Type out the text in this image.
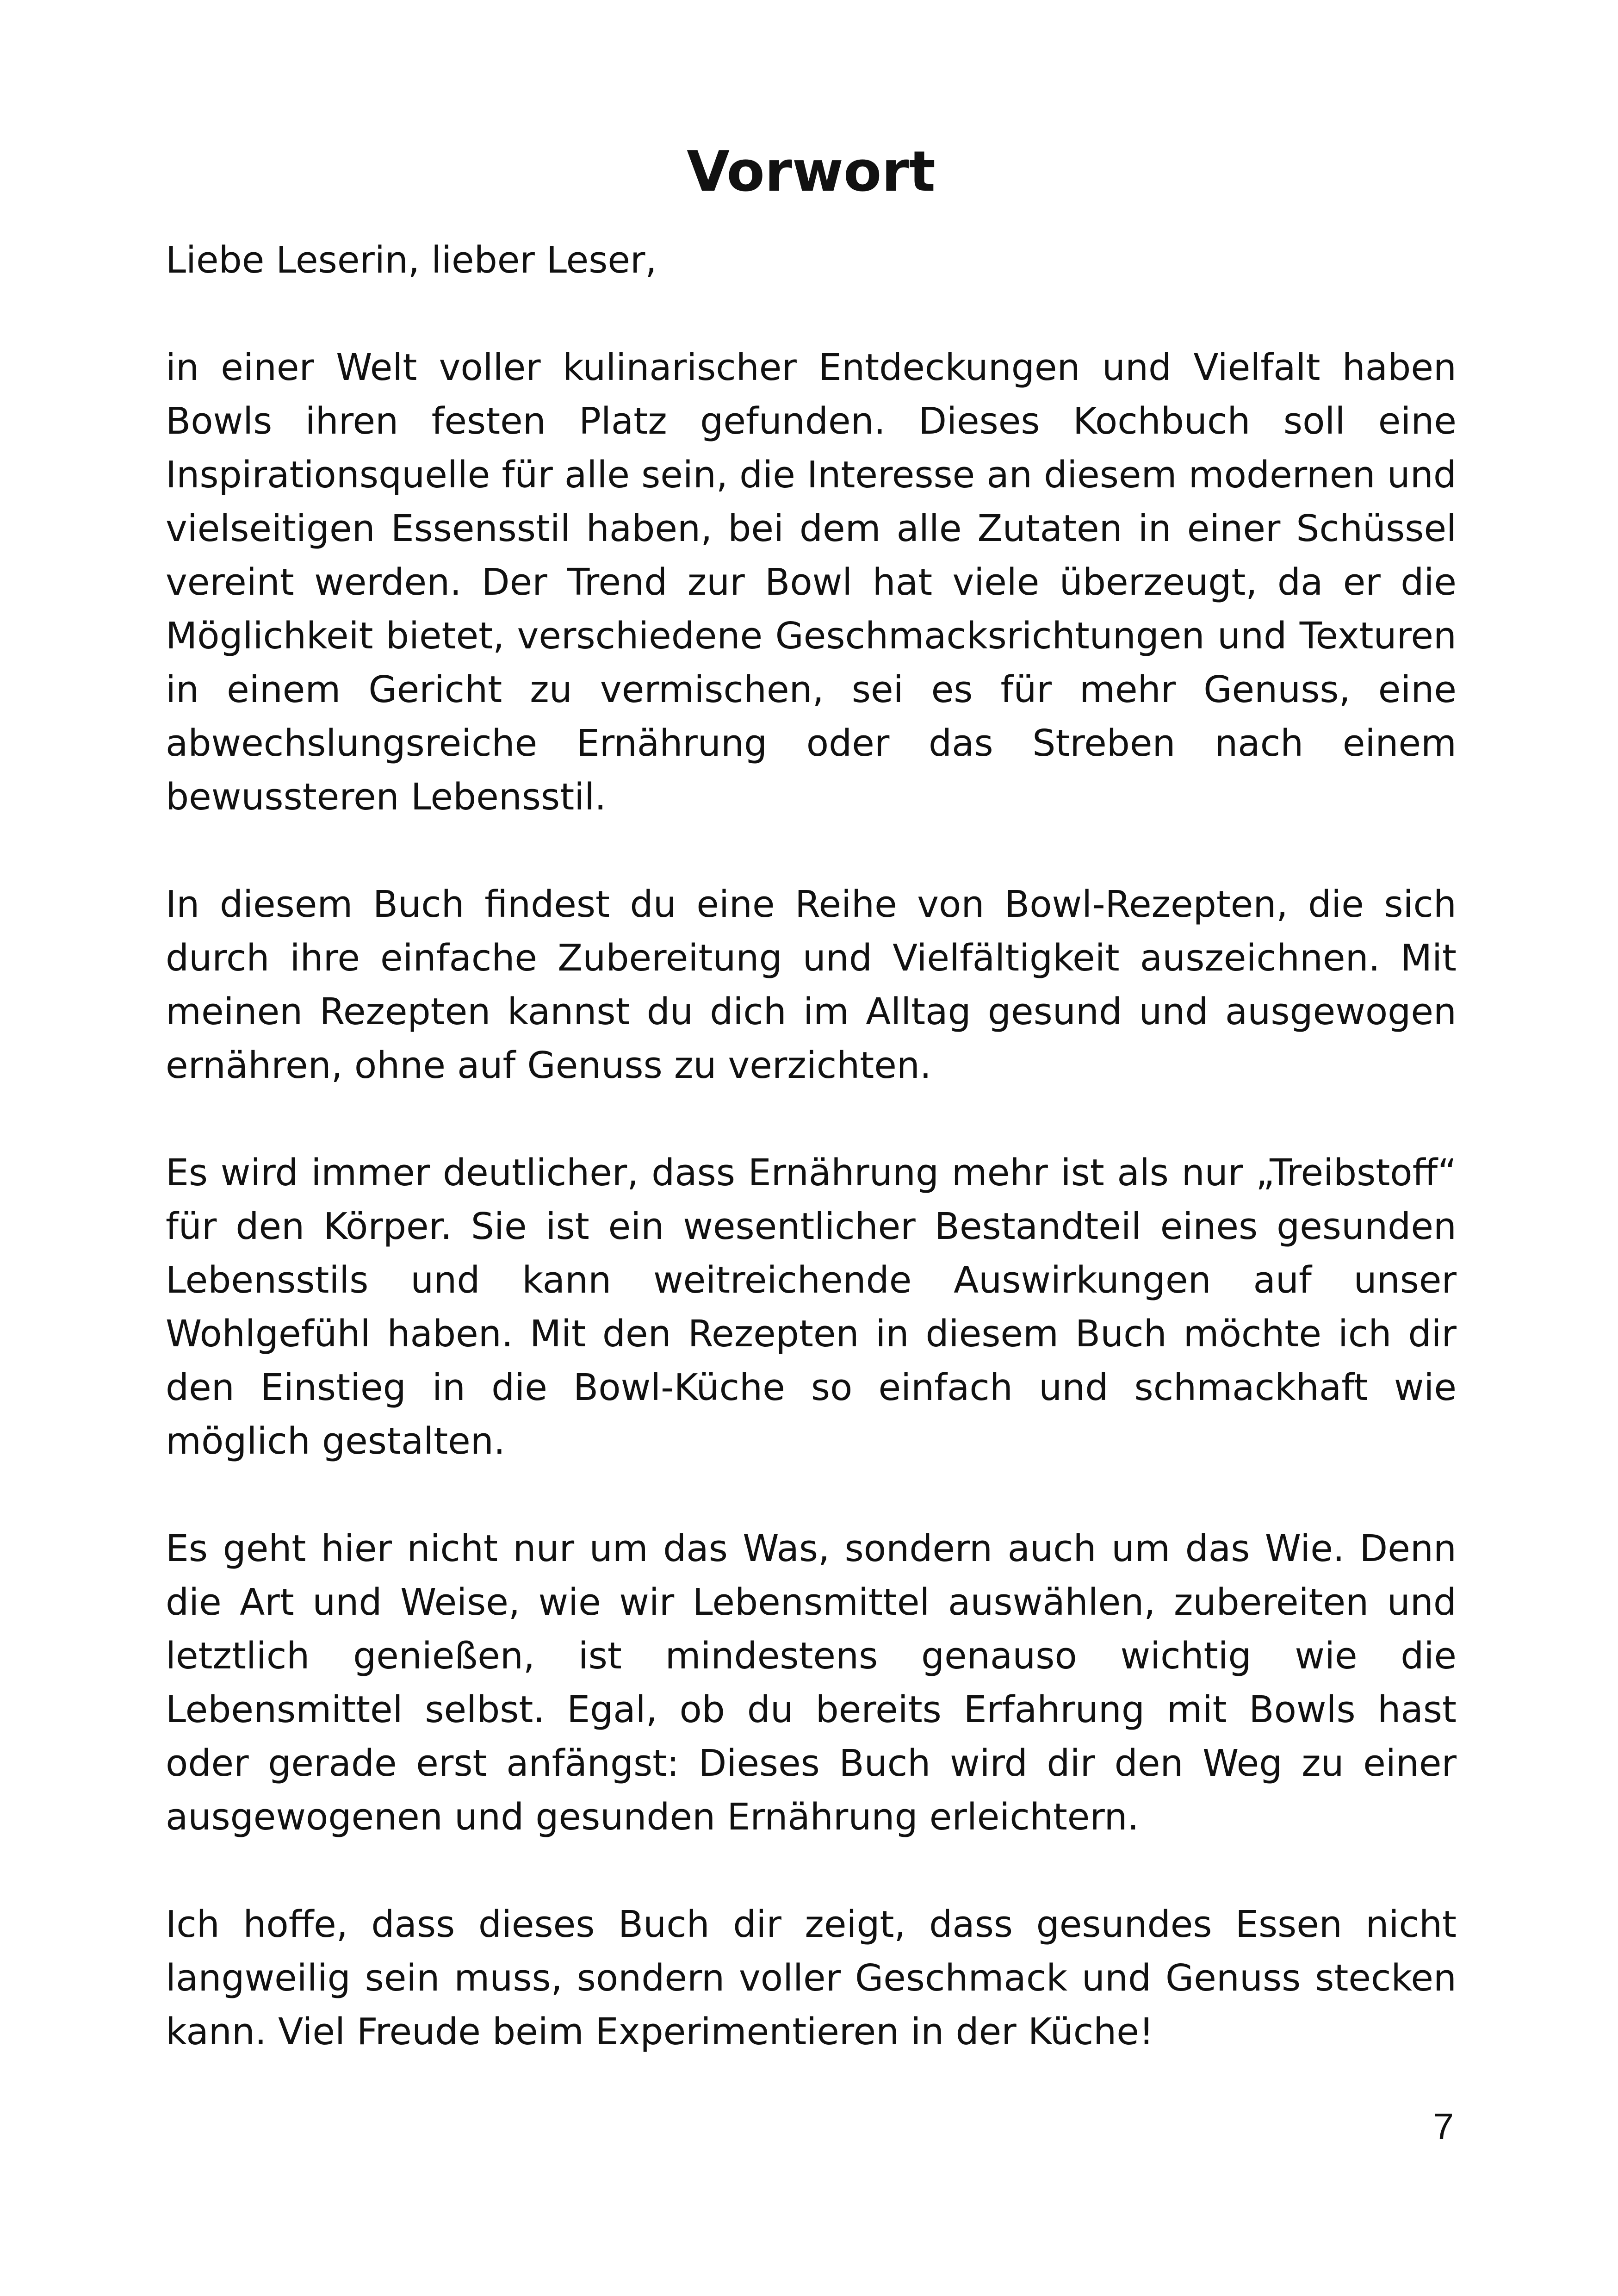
Vorwort

Liebe Leserin, lieber Leser,

in einer Welt voller kulinarischer Entdeckungen und Vielfalt haben Bowls ihren festen Platz gefunden. Dieses Kochbuch soll eine Inspirationsquelle für alle sein, die Interesse an diesem modernen und vielseitigen Essensstil haben, bei dem alle Zutaten in einer Schüssel vereint werden. Der Trend zur Bowl hat viele überzeugt, da er die Möglichkeit bietet, verschiedene Geschmacksrichtungen und Texturen in einem Gericht zu vermischen, sei es für mehr Genuss, eine abwechslungsreiche Ernährung oder das Streben nach einem bewussteren Lebensstil.

In diesem Buch findest du eine Reihe von Bowl-Rezepten, die sich durch ihre einfache Zubereitung und Vielfältigkeit auszeichnen. Mit meinen Rezepten kannst du dich im Alltag gesund und ausgewogen ernähren, ohne auf Genuss zu verzichten.

Es wird immer deutlicher, dass Ernährung mehr ist als nur „Treibstoff“ für den Körper. Sie ist ein wesentlicher Bestandteil eines gesunden Lebensstils und kann weitreichende Auswirkungen auf unser Wohlgefühl haben. Mit den Rezepten in diesem Buch möchte ich dir den Einstieg in die Bowl-Küche so einfach und schmackhaft wie möglich gestalten.

Es geht hier nicht nur um das Was, sondern auch um das Wie. Denn die Art und Weise, wie wir Lebensmittel auswählen, zubereiten und letztlich genießen, ist mindestens genauso wichtig wie die Lebensmittel selbst. Egal, ob du bereits Erfahrung mit Bowls hast oder gerade erst anfängst: Dieses Buch wird dir den Weg zu einer ausgewogenen und gesunden Ernährung erleichtern.

Ich hoffe, dass dieses Buch dir zeigt, dass gesundes Essen nicht langweilig sein muss, sondern voller Geschmack und Genuss stecken kann. Viel Freude beim Experimentieren in der Küche!

7
